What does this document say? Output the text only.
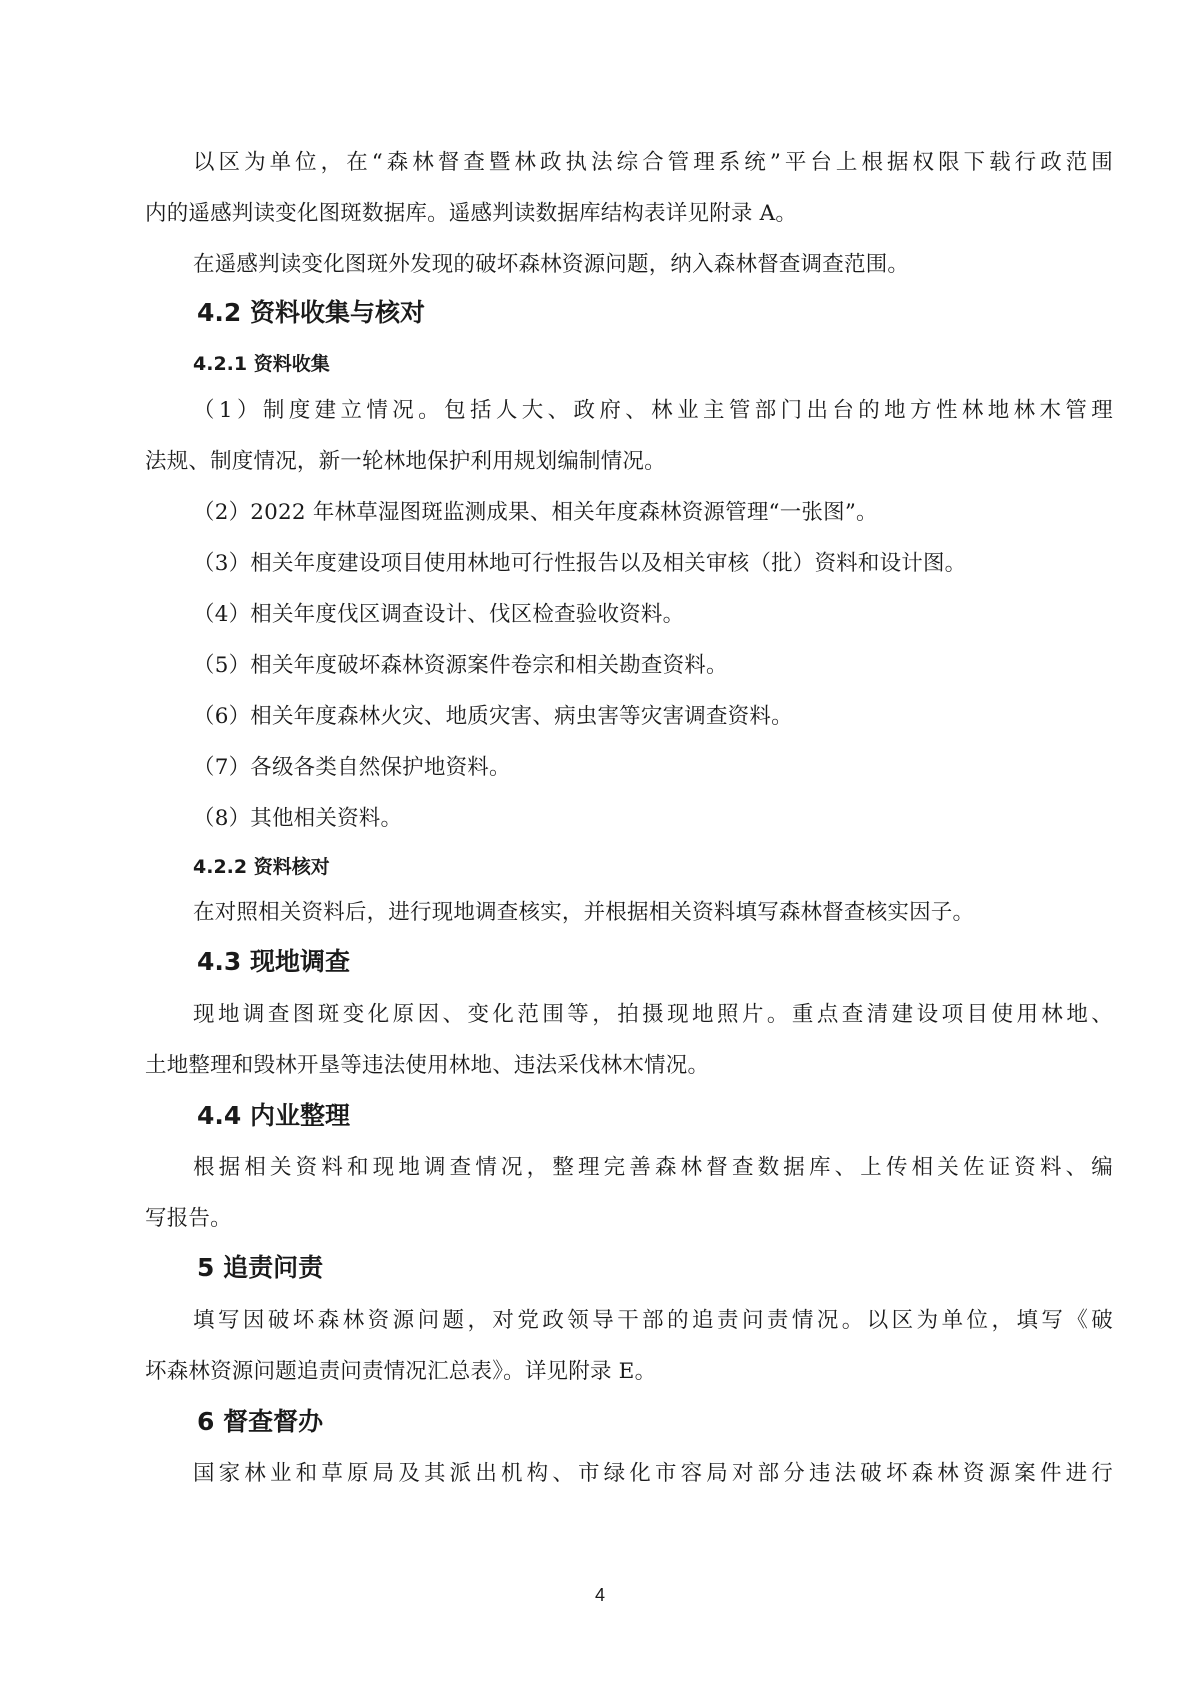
以区为单位，在“森林督查暨林政执法综合管理系统”平台上根据权限下载行政范围
内的遥感判读变化图斑数据库。遥感判读数据库结构表详见附录 A。
在遥感判读变化图斑外发现的破坏森林资源问题，纳入森林督查调查范围。
4.2 资料收集与核对
4.2.1 资料收集
（1）制度建立情况。包括人大、政府、林业主管部门出台的地方性林地林木管理
法规、制度情况，新一轮林地保护利用规划编制情况。
（2）2022 年林草湿图斑监测成果、相关年度森林资源管理“一张图”。
（3）相关年度建设项目使用林地可行性报告以及相关审核（批）资料和设计图。
（4）相关年度伐区调查设计、伐区检查验收资料。
（5）相关年度破坏森林资源案件卷宗和相关勘查资料。
（6）相关年度森林火灾、地质灾害、病虫害等灾害调查资料。
（7）各级各类自然保护地资料。
（8）其他相关资料。
4.2.2 资料核对
在对照相关资料后，进行现地调查核实，并根据相关资料填写森林督查核实因子。
4.3 现地调查
现地调查图斑变化原因、变化范围等，拍摄现地照片。重点查清建设项目使用林地、
土地整理和毁林开垦等违法使用林地、违法采伐林木情况。
4.4 内业整理
根据相关资料和现地调查情况，整理完善森林督查数据库、上传相关佐证资料、编
写报告。
5 追责问责
填写因破坏森林资源问题，对党政领导干部的追责问责情况。以区为单位，填写《破
坏森林资源问题追责问责情况汇总表》。详见附录 E。
6 督查督办
国家林业和草原局及其派出机构、市绿化市容局对部分违法破坏森林资源案件进行
4
